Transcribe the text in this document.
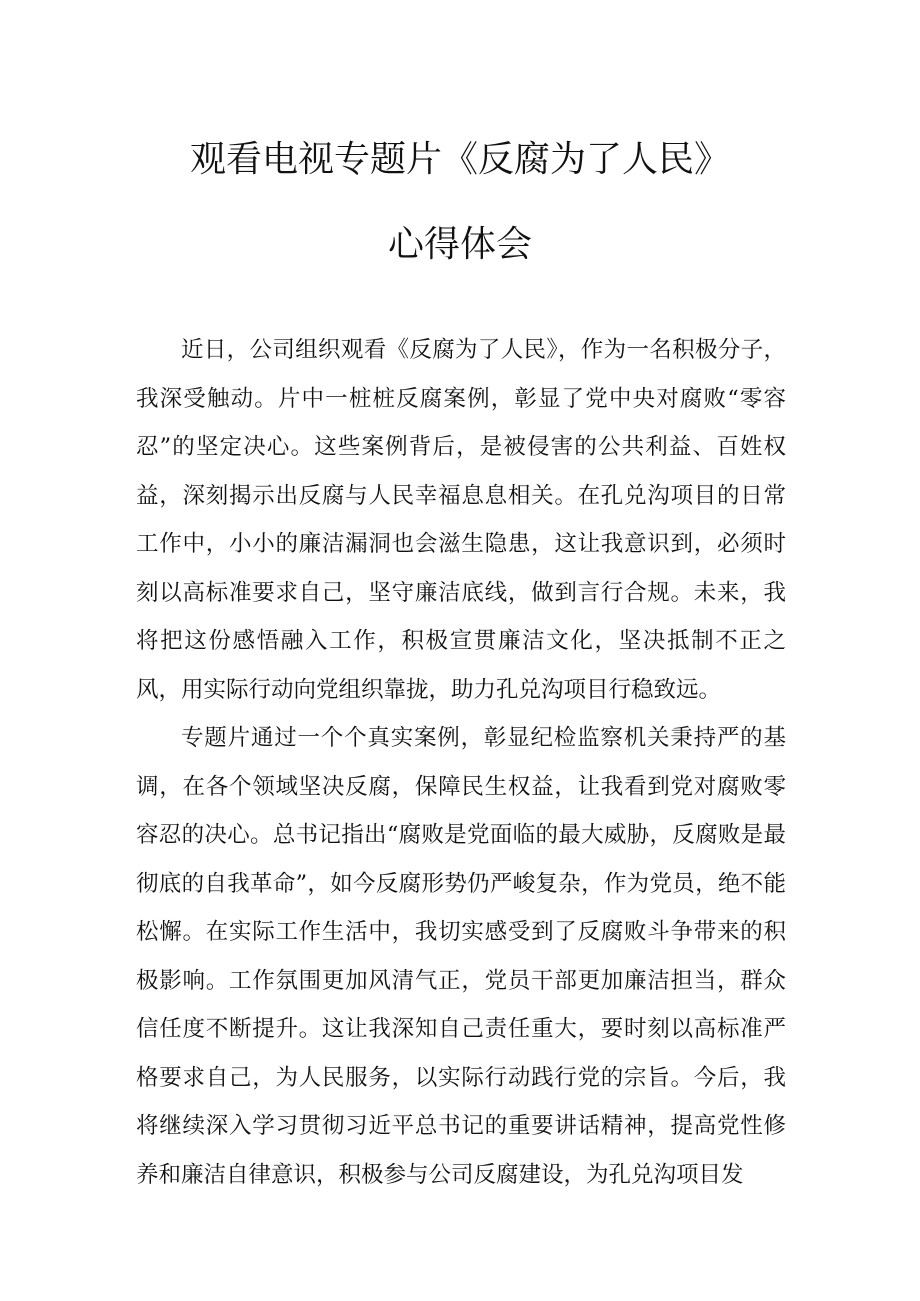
观看电视专题片《反腐为了人民》
心得体会

近日，公司组织观看《反腐为了人民》，作为一名积极分子，我深受触动。片中一桩桩反腐案例，彰显了党中央对腐败“零容忍”的坚定决心。这些案例背后，是被侵害的公共利益、百姓权益，深刻揭示出反腐与人民幸福息息相关。在孔兑沟项目的日常工作中，小小的廉洁漏洞也会滋生隐患，这让我意识到，必须时刻以高标准要求自己，坚守廉洁底线，做到言行合规。未来，我将把这份感悟融入工作，积极宣贯廉洁文化，坚决抵制不正之风，用实际行动向党组织靠拢，助力孔兑沟项目行稳致远。

专题片通过一个个真实案例，彰显纪检监察机关秉持严的基调，在各个领域坚决反腐，保障民生权益，让我看到党对腐败零容忍的决心。总书记指出“腐败是党面临的最大威胁，反腐败是最彻底的自我革命”，如今反腐形势仍严峻复杂，作为党员，绝不能松懈。在实际工作生活中，我切实感受到了反腐败斗争带来的积极影响。工作氛围更加风清气正，党员干部更加廉洁担当，群众信任度不断提升。这让我深知自己责任重大，要时刻以高标准严格要求自己，为人民服务，以实际行动践行党的宗旨。今后，我将继续深入学习贯彻习近平总书记的重要讲话精神，提高党性修养和廉洁自律意识，积极参与公司反腐建设，为孔兑沟项目发
